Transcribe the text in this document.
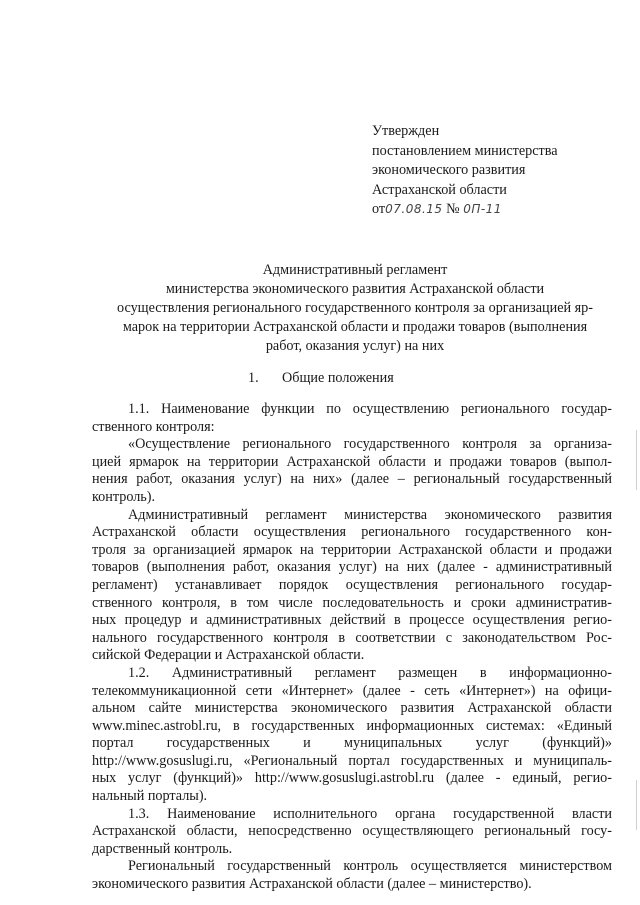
Утвержден
постановлением министерства
экономического развития
Астраханской области
от07.08.15 № 0П-11
Административный регламент
министерства экономического развития Астраханской области
осуществления регионального государственного контроля за организацией яр-
марок на территории Астраханской области и продажи товаров (выполнения
работ, оказания услуг) на них
1. Общие положения
1.1. Наименование функции по осуществлению регионального государ-
ственного контроля:
«Осуществление регионального государственного контроля за организа-
цией ярмарок на территории Астраханской области и продажи товаров (выпол-
нения работ, оказания услуг) на них» (далее – региональный государственный
контроль).
Административный регламент министерства экономического развития
Астраханской области осуществления регионального государственного кон-
троля за организацией ярмарок на территории Астраханской области и продажи
товаров (выполнения работ, оказания услуг) на них (далее - административный
регламент) устанавливает порядок осуществления регионального государ-
ственного контроля, в том числе последовательность и сроки административ-
ных процедур и административных действий в процессе осуществления регио-
нального государственного контроля в соответствии с законодательством Рос-
сийской Федерации и Астраханской области.
1.2. Административный регламент размещен в информационно-
телекоммуникационной сети «Интернет» (далее - сеть «Интернет») на офици-
альном сайте министерства экономического развития Астраханской области
www.minec.astrobl.ru, в государственных информационных системах: «Единый
портал государственных и муниципальных услуг (функций)»
http://www.gosuslugi.ru, «Региональный портал государственных и муниципаль-
ных услуг (функций)» http://www.gosuslugi.astrobl.ru (далее - единый, регио-
нальный порталы).
1.3. Наименование исполнительного органа государственной власти
Астраханской области, непосредственно осуществляющего региональный госу-
дарственный контроль.
Региональный государственный контроль осуществляется министерством
экономического развития Астраханской области (далее – министерство).
